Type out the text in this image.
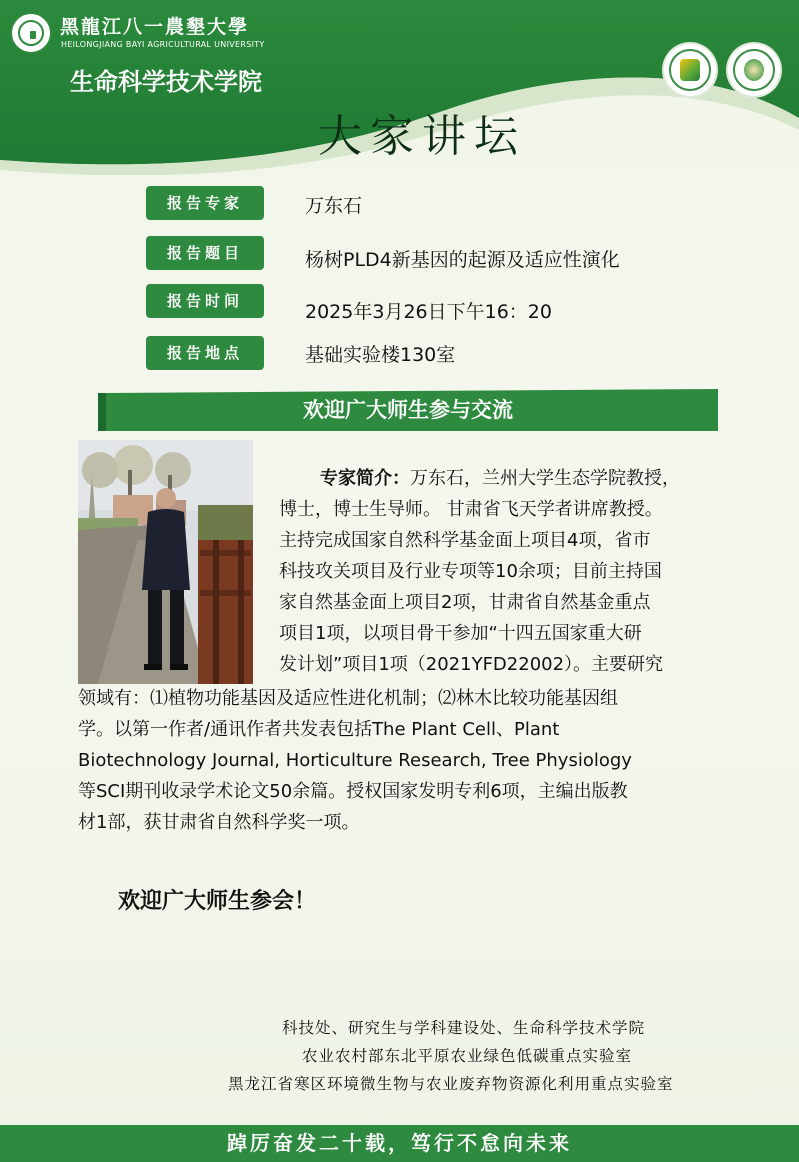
黑龍江八一農墾大學
HEILONGJIANG BAYI AGRICULTURAL UNIVERSITY
生命科学技术学院
大家讲坛
报告专家	万东石
报告题目	杨树PLD4新基因的起源及适应性演化
报告时间	2025年3月26日下午16：20
报告地点	基础实验楼130室
欢迎广大师生参与交流
专家简介：万东石，兰州大学生态学院教授，
博士，博士生导师。 甘肃省飞天学者讲席教授。
主持完成国家自然科学基金面上项目4项，省市
科技攻关项目及行业专项等10余项；目前主持国
家自然基金面上项目2项，甘肃省自然基金重点
项目1项，以项目骨干参加“十四五国家重大研
发计划”项目1项（2021YFD22002）。主要研究
领域有：⑴植物功能基因及适应性进化机制；⑵林木比较功能基因组
学。以第一作者/通讯作者共发表包括The Plant Cell、Plant
Biotechnology Journal, Horticulture Research, Tree Physiology
等SCI期刊收录学术论文50余篇。授权国家发明专利6项，主编出版教
材1部，获甘肃省自然科学奖一项。
欢迎广大师生参会！
科技处、研究生与学科建设处、生命科学技术学院
农业农村部东北平原农业绿色低碳重点实验室
黑龙江省寒区环境微生物与农业废弃物资源化利用重点实验室
踔厉奋发二十载，笃行不怠向未来
